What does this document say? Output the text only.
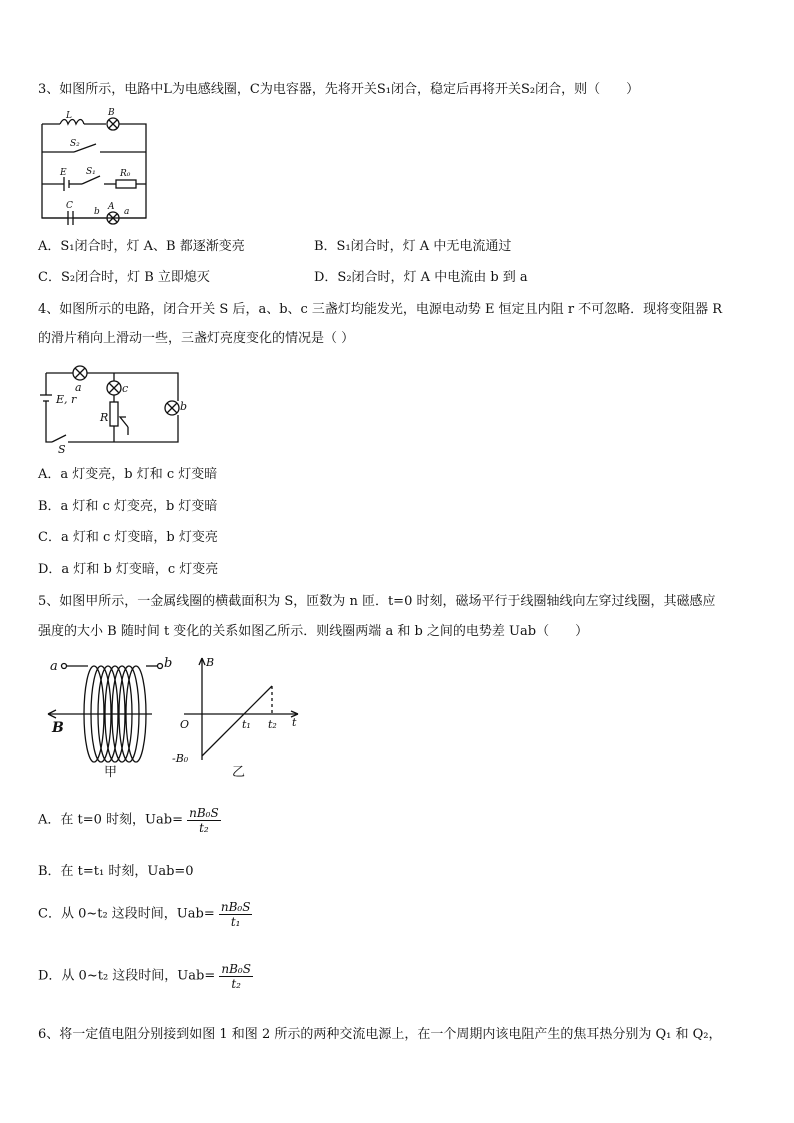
3、如图所示，电路中L为电感线圈，C为电容器，先将开关S₁闭合，稳定后再将开关S₂闭合，则（　　）
L	B
S₂
E S₁	R₀
C
b A a
A．S₁闭合时，灯 A、B 都逐渐变亮	B．S₁闭合时，灯 A 中无电流通过
C．S₂闭合时，灯 B 立即熄灭	D．S₂闭合时，灯 A 中电流由 b 到 a
4、如图所示的电路，闭合开关 S 后，a、b、c 三盏灯均能发光，电源电动势 E 恒定且内阻 r 不可忽略．现将变阻器 R
的滑片稍向上滑动一些，三盏灯亮度变化的情况是（ ）
a	c
b
E, r
R
S
A．a 灯变亮，b 灯和 c 灯变暗
B．a 灯和 c 灯变亮，b 灯变暗
C．a 灯和 c 灯变暗，b 灯变亮
D．a 灯和 b 灯变暗，c 灯变亮
5、如图甲所示，一金属线圈的横截面积为 S，匝数为 n 匝．t=0 时刻，磁场平行于线圈轴线向左穿过线圈，其磁感应
强度的大小 B 随时间 t 变化的关系如图乙所示．则线圈两端 a 和 b 之间的电势差 Uab（　　）
a
B
甲
b	B
O	t₁ t₂ t
-B₀
乙
A．在 t=0 时刻，$Uab= \frac{\text{nB₀S}}{\text{t₂}}$
B．在 t=t₁ 时刻，Uab=0
C．从 0~t₂ 这段时间，$Uab= \frac{\text{nB₀S}}{\text{t₁}}$
D．从 0~t₂ 这段时间，$Uab= \frac{\text{nB₀S}}{\text{t₂}}$
6、将一定值电阻分别接到如图 1 和图 2 所示的两种交流电源上，在一个周期内该电阻产生的焦耳热分别为 Q₁ 和 Q₂，
